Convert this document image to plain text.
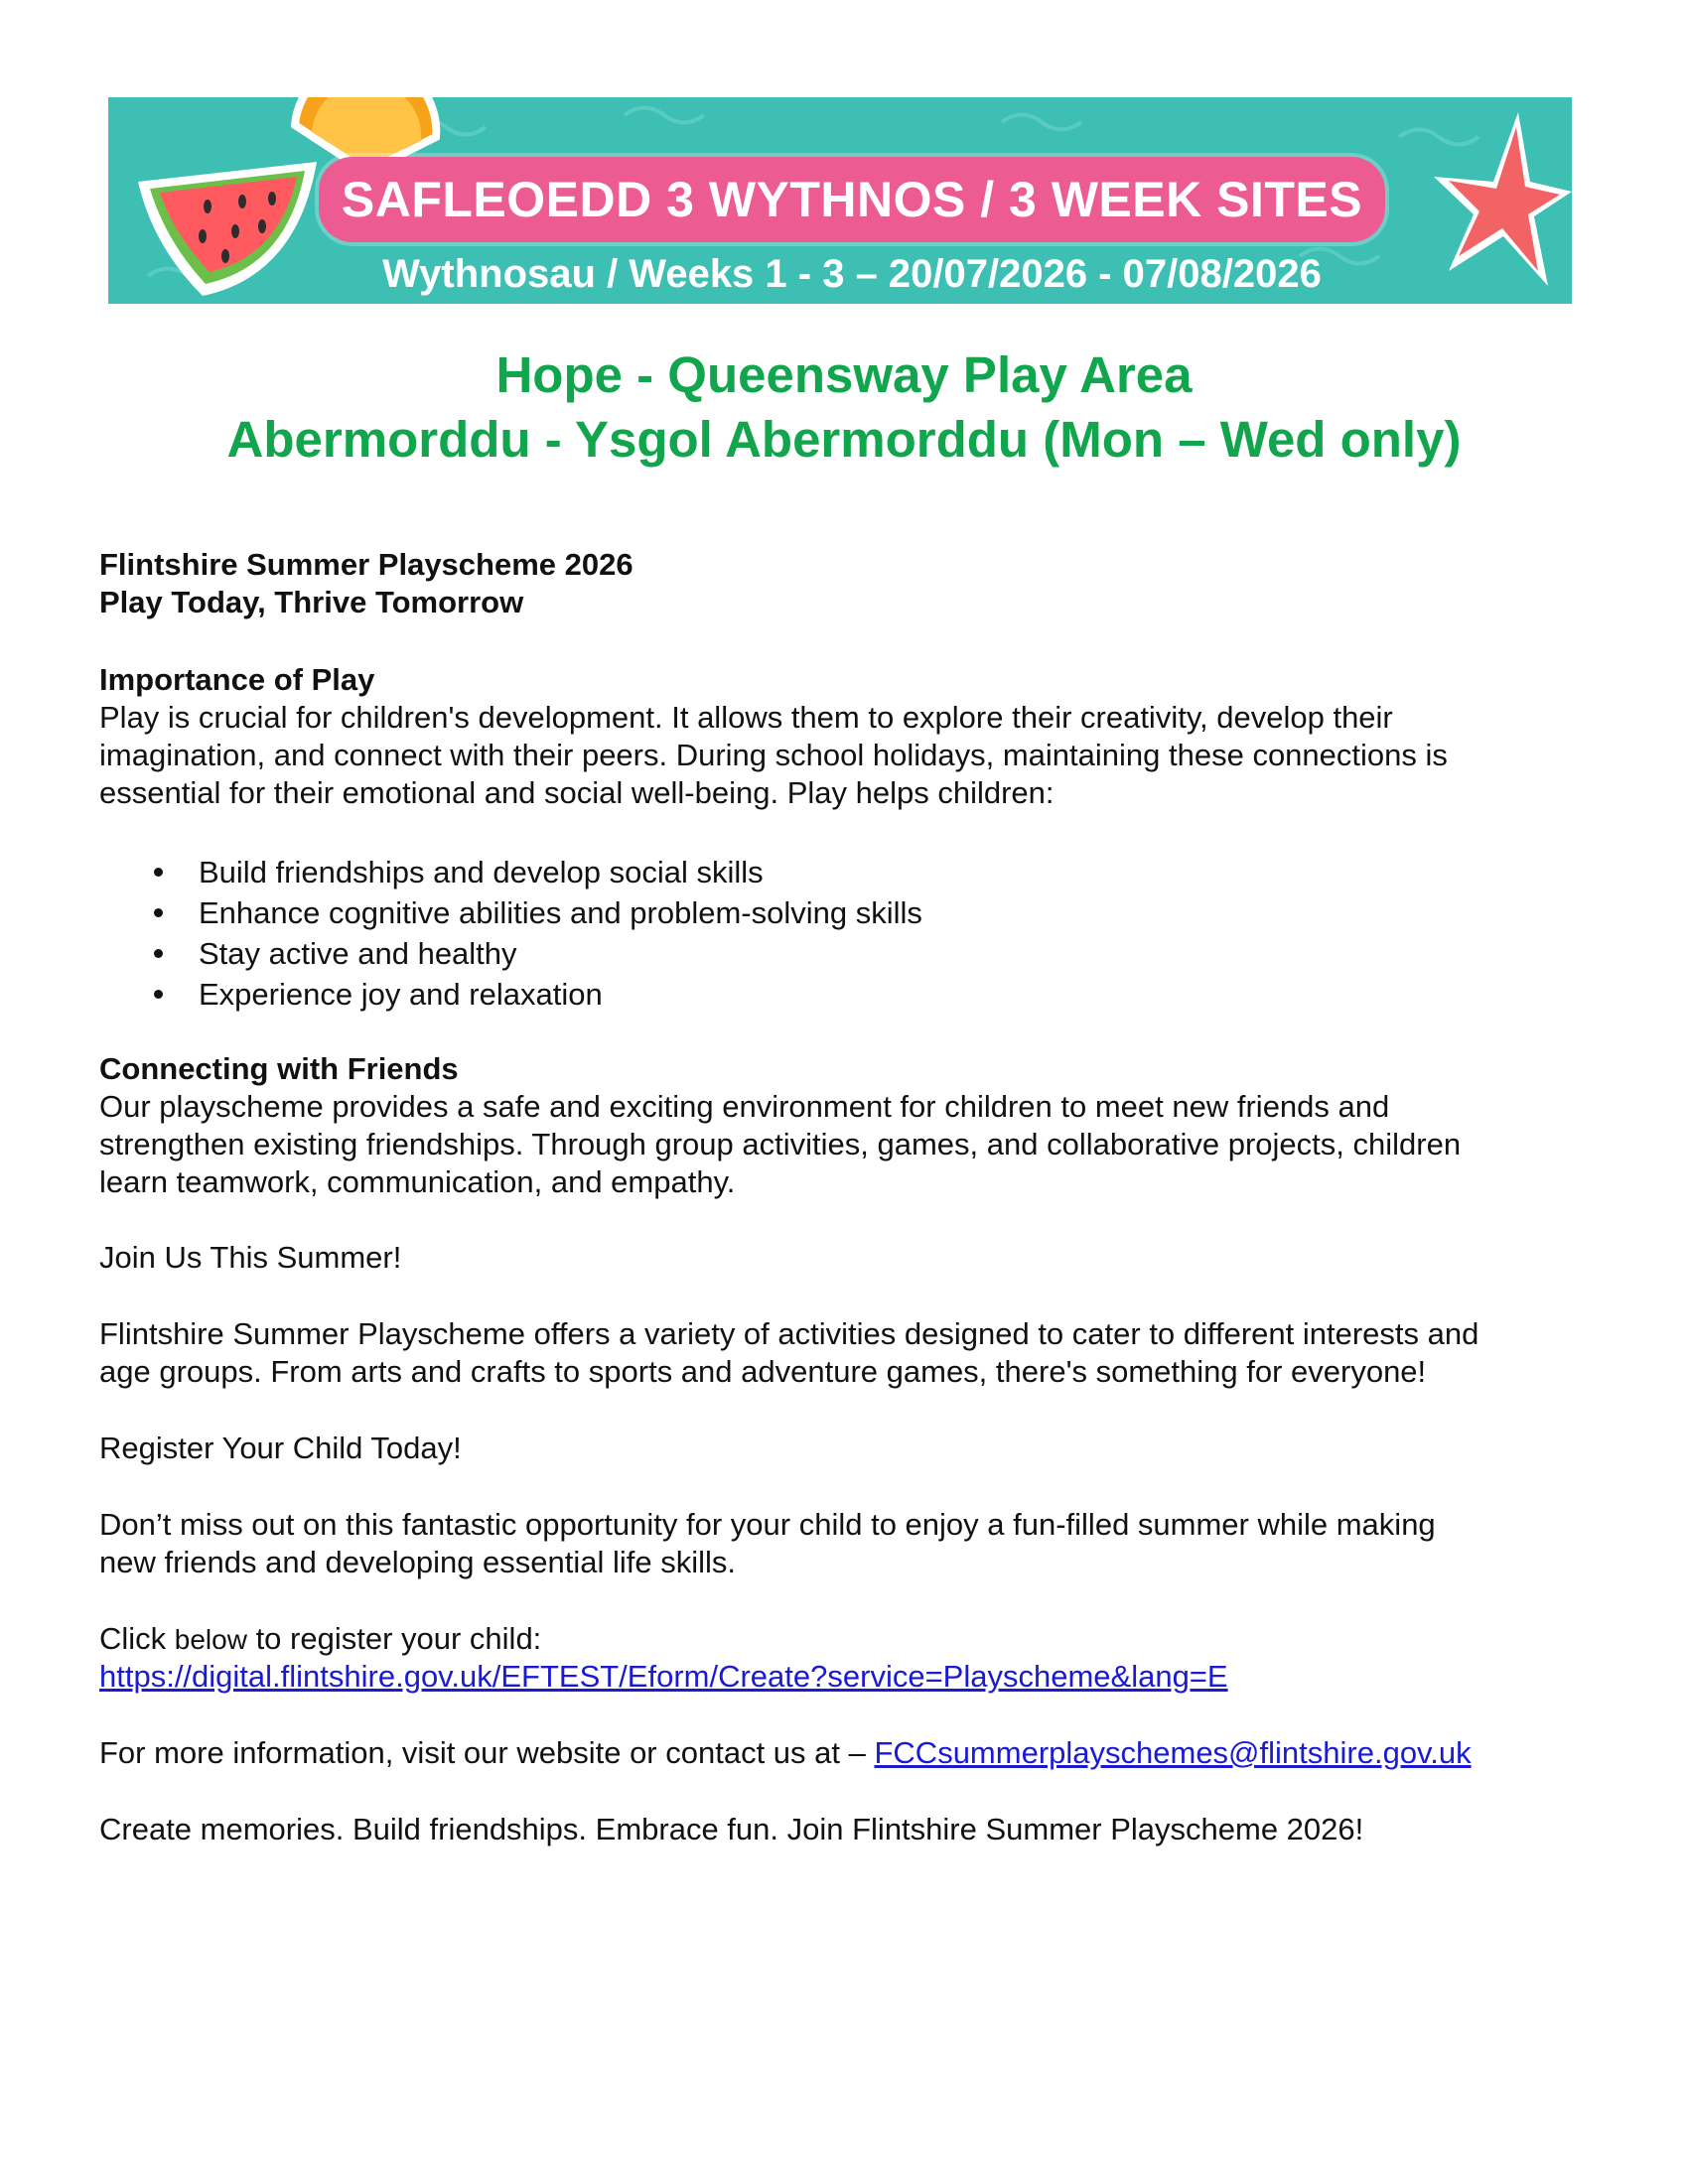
SAFLEOEDD 3 WYTHNOS / 3 WEEK SITES
Wythnosau / Weeks 1 - 3 – 20/07/2026 - 07/08/2026
Hope - Queensway Play Area
Abermorddu - Ysgol Abermorddu (Mon – Wed only)
Flintshire Summer Playscheme 2026
Play Today, Thrive Tomorrow
Importance of Play
Play is crucial for children's development. It allows them to explore their creativity, develop their
imagination, and connect with their peers. During school holidays, maintaining these connections is
essential for their emotional and social well-being. Play helps children:
Build friendships and develop social skills
Enhance cognitive abilities and problem-solving skills
Stay active and healthy
Experience joy and relaxation
Connecting with Friends
Our playscheme provides a safe and exciting environment for children to meet new friends and
strengthen existing friendships. Through group activities, games, and collaborative projects, children
learn teamwork, communication, and empathy.
Join Us This Summer!
Flintshire Summer Playscheme offers a variety of activities designed to cater to different interests and
age groups. From arts and crafts to sports and adventure games, there's something for everyone!
Register Your Child Today!
Don’t miss out on this fantastic opportunity for your child to enjoy a fun-filled summer while making
new friends and developing essential life skills.
Click below to register your child:
https://digital.flintshire.gov.uk/EFTEST/Eform/Create?service=Playscheme&lang=E
For more information, visit our website or contact us at – FCCsummerplayschemes@flintshire.gov.uk
Create memories. Build friendships. Embrace fun. Join Flintshire Summer Playscheme 2026!
